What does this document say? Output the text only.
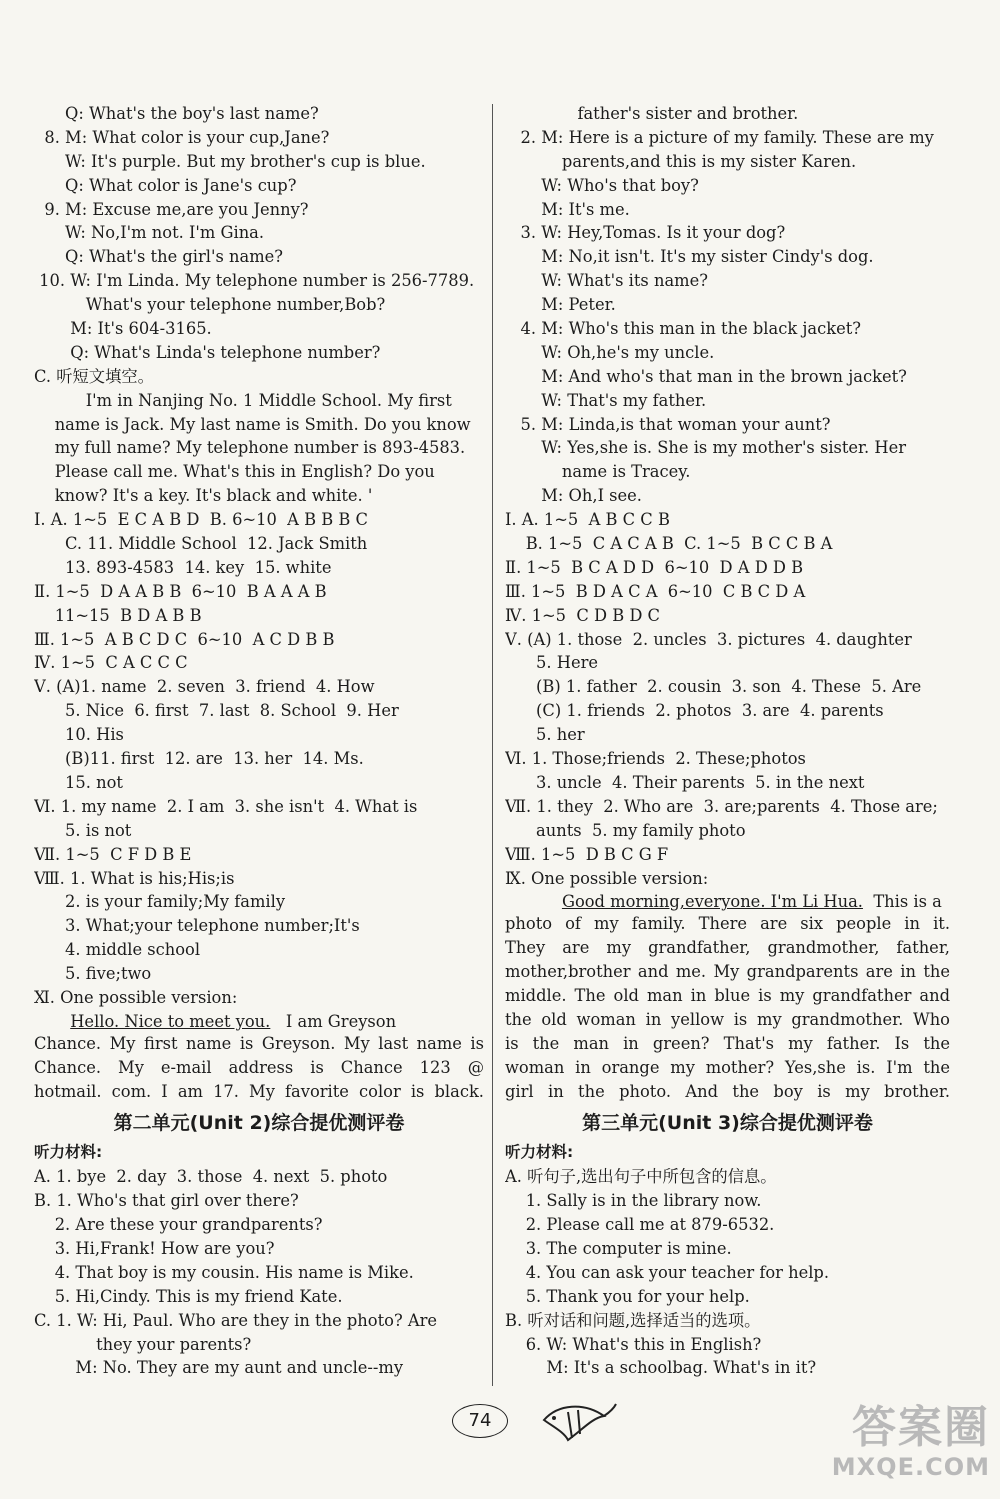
Q: What's the boy's last name?
8. M: What color is your cup,Jane?
W: It's purple. But my brother's cup is blue.
Q: What color is Jane's cup?
9. M: Excuse me,are you Jenny?
W: No,I'm not. I'm Gina.
Q: What's the girl's name?
10. W: I'm Linda. My telephone number is 256-7789.
What's your telephone number,Bob?
M: It's 604-3165.
Q: What's Linda's telephone number?
C. 听短文填空。
I'm in Nanjing No. 1 Middle School. My first
name is Jack. My last name is Smith. Do you know
my full name? My telephone number is 893-4583.
Please call me. What's this in English? Do you
know? It's a key. It's black and white. '
Ⅰ. A. 1~5  E C A B D  B. 6~10  A B B B C
C. 11. Middle School  12. Jack Smith
13. 893-4583  14. key  15. white
Ⅱ. 1~5  D A A B B  6~10  B A A A B
11~15  B D A B B
Ⅲ. 1~5  A B C D C  6~10  A C D B B
Ⅳ. 1~5  C A C C C
Ⅴ. (A)1. name  2. seven  3. friend  4. How
5. Nice  6. first  7. last  8. School  9. Her
10. His
(B)11. first  12. are  13. her  14. Ms.
15. not
Ⅵ. 1. my name  2. I am  3. she isn't  4. What is
5. is not
Ⅶ. 1~5  C F D B E
Ⅷ. 1. What is his;His;is
2. is your family;My family
3. What;your telephone number;It's
4. middle school
5. five;two
Ⅺ. One possible version:
Hello. Nice to meet you. I am Greyson
Chance. My first name is Greyson. My last name is
Chance. My e-mail address is Chance 123 @
hotmail. com. I am 17. My favorite color is black.
第二单元(Unit 2)综合提优测评卷
听力材料:
A. 1. bye  2. day  3. those  4. next  5. photo
B. 1. Who's that girl over there?
2. Are these your grandparents?
3. Hi,Frank! How are you?
4. That boy is my cousin. His name is Mike.
5. Hi,Cindy. This is my friend Kate.
C. 1. W: Hi, Paul. Who are they in the photo? Are
they your parents?
M: No. They are my aunt and uncle--my
father's sister and brother.
2. M: Here is a picture of my family. These are my
parents,and this is my sister Karen.
W: Who's that boy?
M: It's me.
3. W: Hey,Tomas. Is it your dog?
M: No,it isn't. It's my sister Cindy's dog.
W: What's its name?
M: Peter.
4. M: Who's this man in the black jacket?
W: Oh,he's my uncle.
M: And who's that man in the brown jacket?
W: That's my father.
5. M: Linda,is that woman your aunt?
W: Yes,she is. She is my mother's sister. Her
name is Tracey.
M: Oh,I see.
Ⅰ. A. 1~5  A B C C B
B. 1~5  C A C A B  C. 1~5  B C C B A
Ⅱ. 1~5  B C A D D  6~10  D A D D B
Ⅲ. 1~5  B D A C A  6~10  C B C D A
Ⅳ. 1~5  C D B D C
Ⅴ. (A) 1. those  2. uncles  3. pictures  4. daughter
5. Here
(B) 1. father  2. cousin  3. son  4. These  5. Are
(C) 1. friends  2. photos  3. are  4. parents
5. her
Ⅵ. 1. Those;friends  2. These;photos
3. uncle  4. Their parents  5. in the next
Ⅶ. 1. they  2. Who are  3. are;parents  4. Those are;
aunts  5. my family photo
Ⅷ. 1~5  D B C G F
Ⅸ. One possible version:
Good morning,everyone. I'm Li Hua. This is a
photo of my family. There are six people in it.
They are my grandfather, grandmother, father,
mother,brother and me. My grandparents are in the
middle. The old man in blue is my grandfather and
the old woman in yellow is my grandmother. Who
is the man in green? That's my father. Is the
woman in orange my mother? Yes,she is. I'm the
girl in the photo. And the boy is my brother.
第三单元(Unit 3)综合提优测评卷
听力材料:
A. 听句子,选出句子中所包含的信息。
1. Sally is in the library now.
2. Please call me at 879-6532.
3. The computer is mine.
4. You can ask your teacher for help.
5. Thank you for your help.
B. 听对话和问题,选择适当的选项。
6. W: What's this in English?
M: It's a schoolbag. What's in it?
74	答案圈
MXQE.COM
